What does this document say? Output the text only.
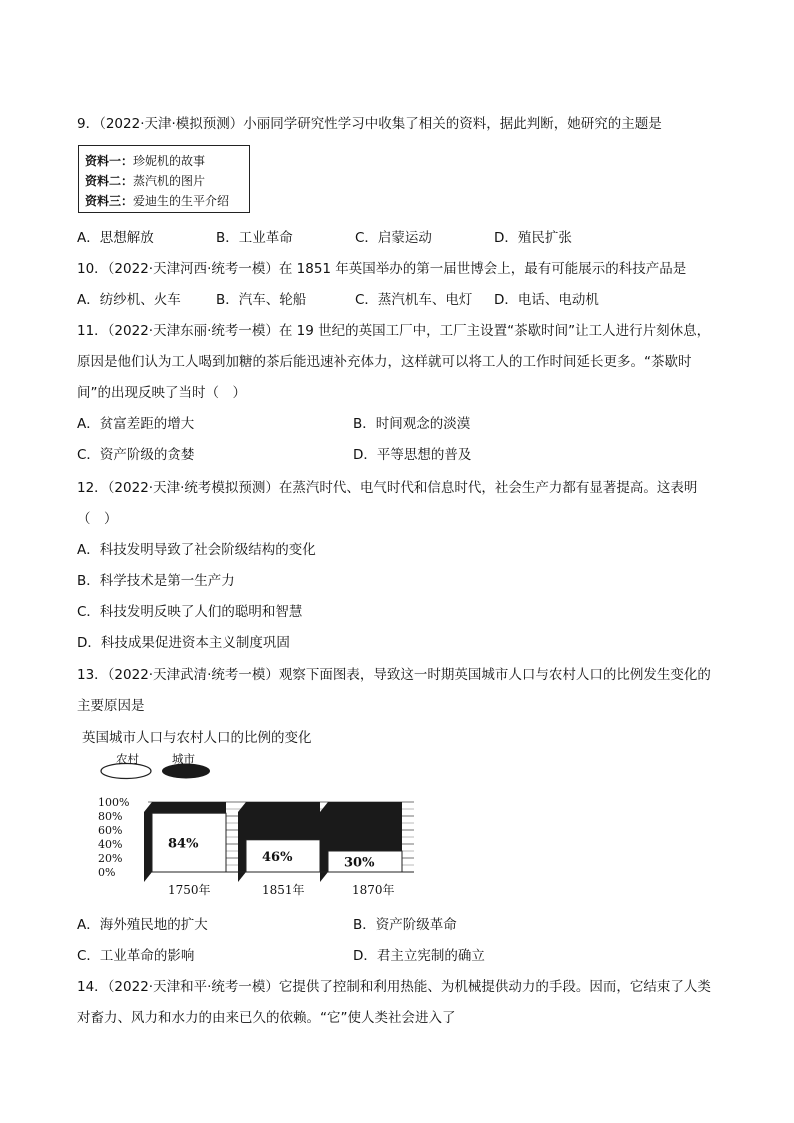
9．（2022·天津·模拟预测）小丽同学研究性学习中收集了相关的资料，据此判断，她研究的主题是
资料一：珍妮机的故事
资料二：蒸汽机的图片
资料三：爱迪生的生平介绍
A．思想解放	B．工业革命	C．启蒙运动	D．殖民扩张
10．（2022·天津河西·统考一模）在 1851 年英国举办的第一届世博会上，最有可能展示的科技产品是
A．纺纱机、火车	B．汽车、轮船	C．蒸汽机车、电灯 D．电话、电动机
11．（2022·天津东丽·统考一模）在 19 世纪的英国工厂中，工厂主设置“茶歇时间”让工人进行片刻休息，
原因是他们认为工人喝到加糖的茶后能迅速补充体力，这样就可以将工人的工作时间延长更多。“茶歇时
间”的出现反映了当时（　）
A．贫富差距的增大	B．时间观念的淡漠
C．资产阶级的贪婪	D．平等思想的普及
12．（2022·天津·统考模拟预测）在蒸汽时代、电气时代和信息时代，社会生产力都有显著提高。这表明
（　）
A．科技发明导致了社会阶级结构的变化
B．科学技术是第一生产力
C．科技发明反映了人们的聪明和智慧
D．科技成果促进资本主义制度巩固
13．（2022·天津武清·统考一模）观察下面图表，导致这一时期英国城市人口与农村人口的比例发生变化的
主要原因是
英国城市人口与农村人口的比例的变化
农村	城市
100%
80%
60%
40%
20%
0%
84%
1750年
46%
1851年
30%
1870年
A．海外殖民地的扩大	B．资产阶级革命
C．工业革命的影响	D．君主立宪制的确立
14．（2022·天津和平·统考一模）它提供了控制和利用热能、为机械提供动力的手段。因而，它结束了人类
对畜力、风力和水力的由来已久的依赖。“它”使人类社会进入了
